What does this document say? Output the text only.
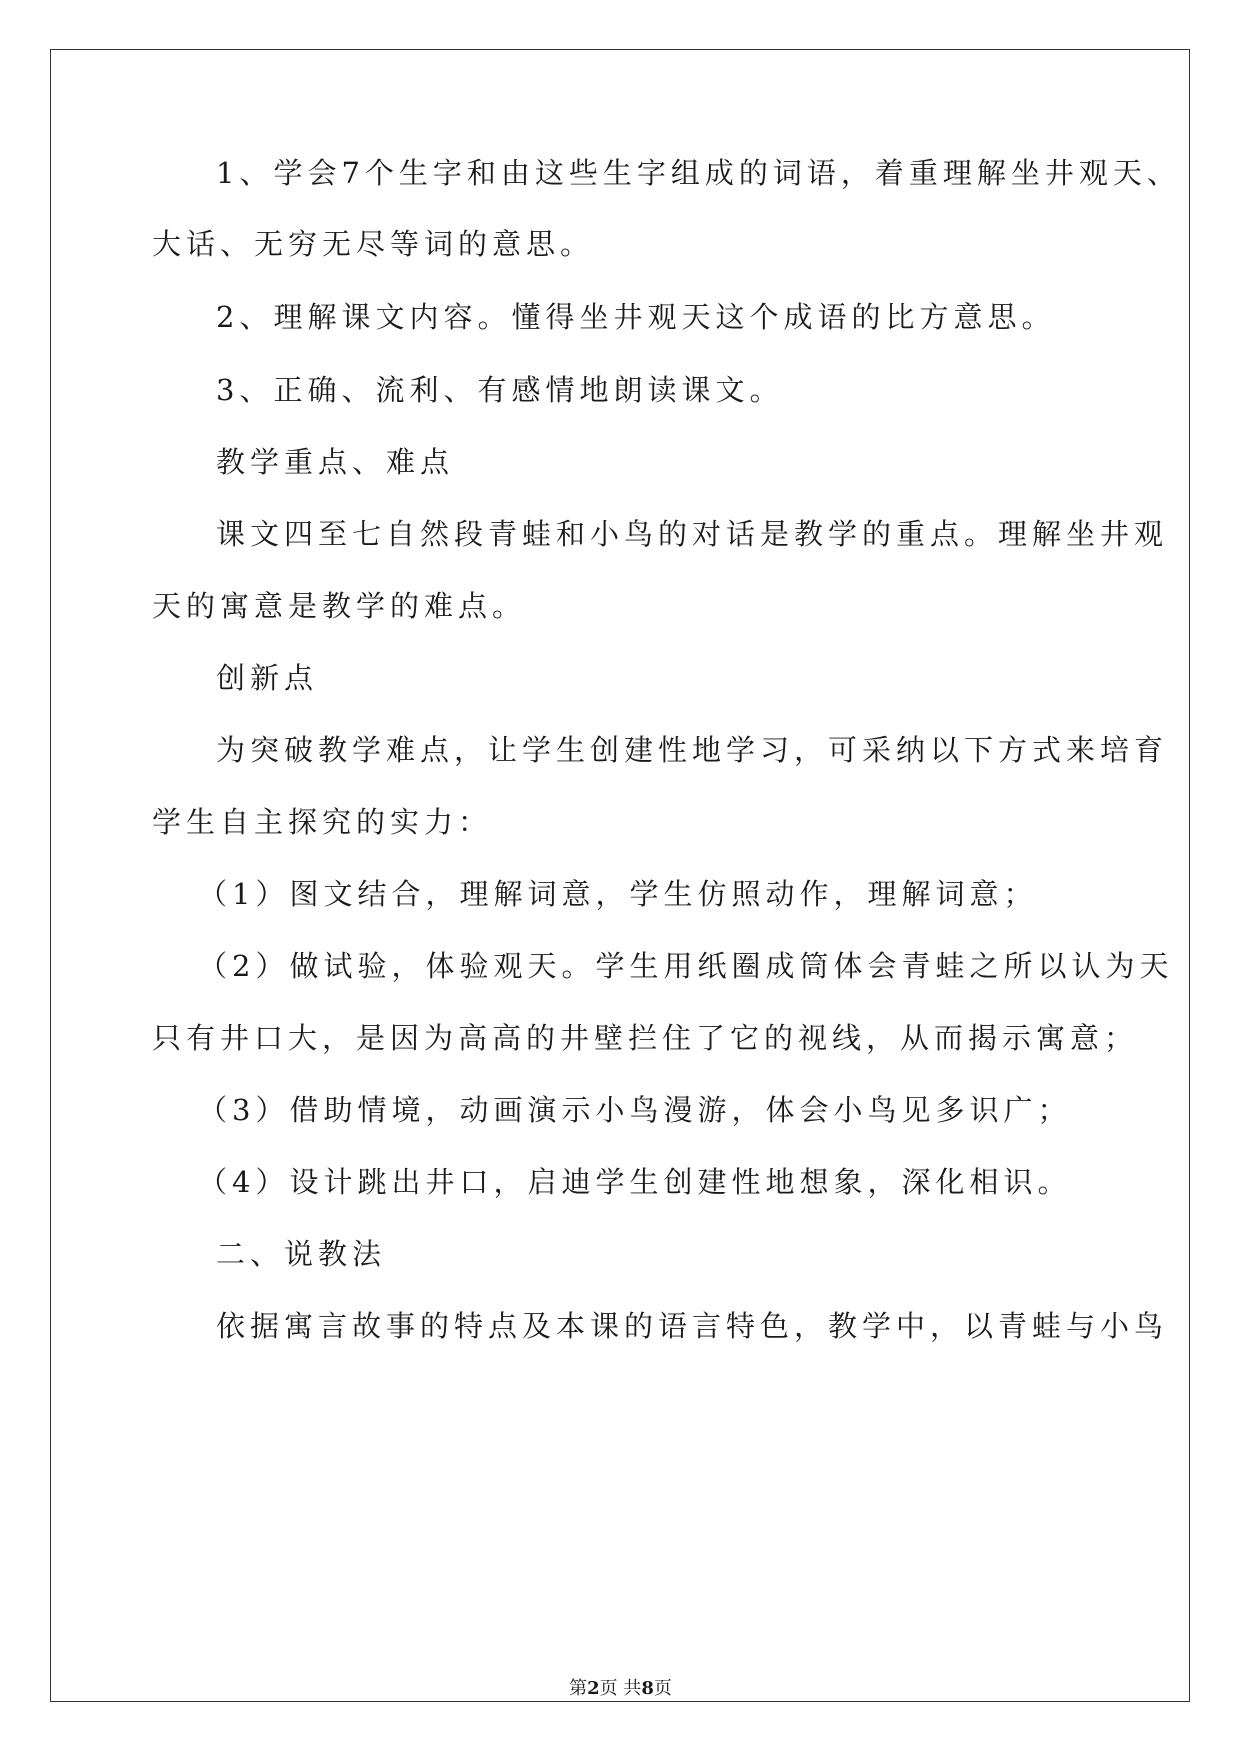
1、学会7个生字和由这些生字组成的词语，着重理解坐井观天、
大话、无穷无尽等词的意思。
2、理解课文内容。懂得坐井观天这个成语的比方意思。
3、正确、流利、有感情地朗读课文。
教学重点、难点
课文四至七自然段青蛙和小鸟的对话是教学的重点。理解坐井观
天的寓意是教学的难点。
创新点
为突破教学难点，让学生创建性地学习，可采纳以下方式来培育
学生自主探究的实力：
（1）图文结合，理解词意，学生仿照动作，理解词意；
（2）做试验，体验观天。学生用纸圈成筒体会青蛙之所以认为天
只有井口大，是因为高高的井壁拦住了它的视线，从而揭示寓意；
（3）借助情境，动画演示小鸟漫游，体会小鸟见多识广；
（4）设计跳出井口，启迪学生创建性地想象，深化相识。
二、说教法
依据寓言故事的特点及本课的语言特色，教学中，以青蛙与小鸟
第2页 共8页
